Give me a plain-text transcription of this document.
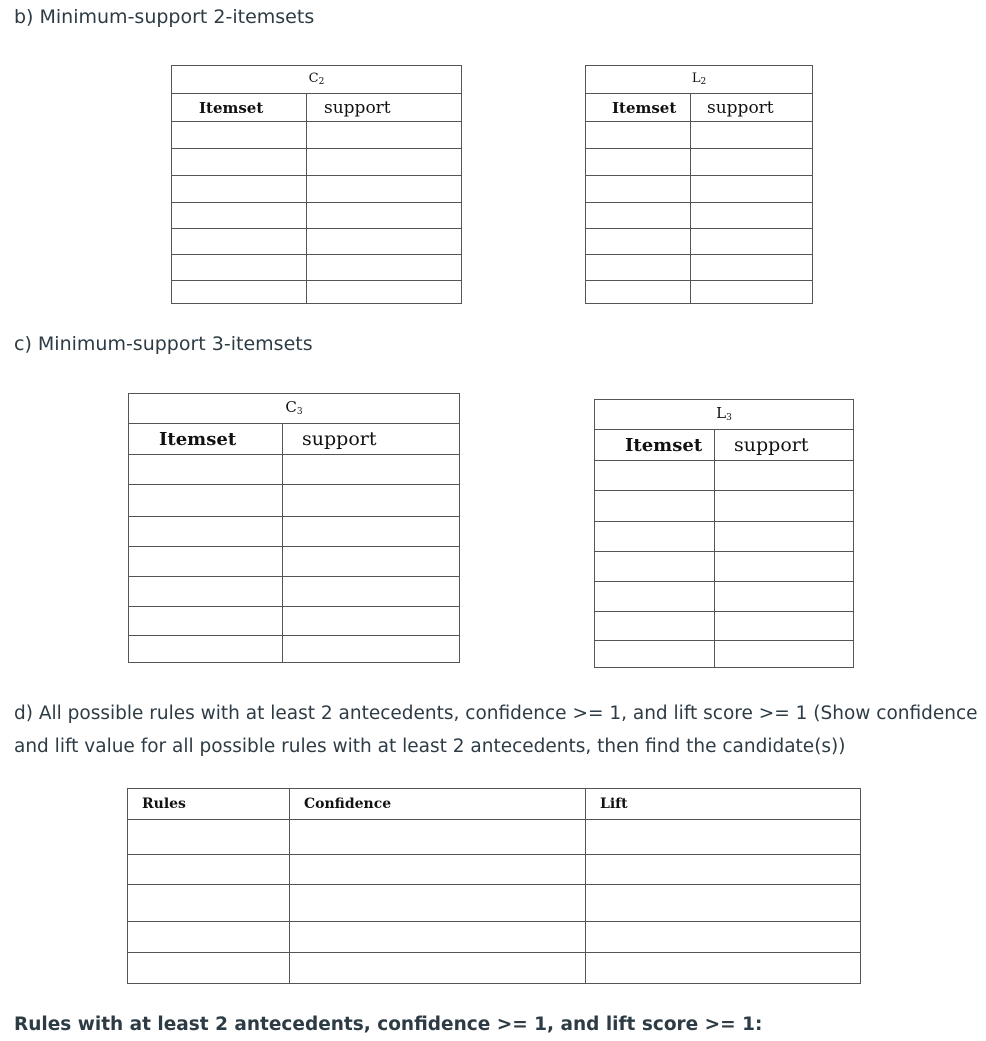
b) Minimum-support 2-itemsets
$C_2$
Itemset	support

$L_2$
Itemset	support

c) Minimum-support 3-itemsets
$C_3$
Itemset	support

$L_3$
Itemset	support

d) All possible rules with at least 2 antecedents, confidence >= 1, and lift score >= 1 (Show confidence and lift value for all possible rules with at least 2 antecedents, then find the candidate(s))

Rules	Confidence	Lift

Rules with at least 2 antecedents, confidence >= 1, and lift score >= 1:
